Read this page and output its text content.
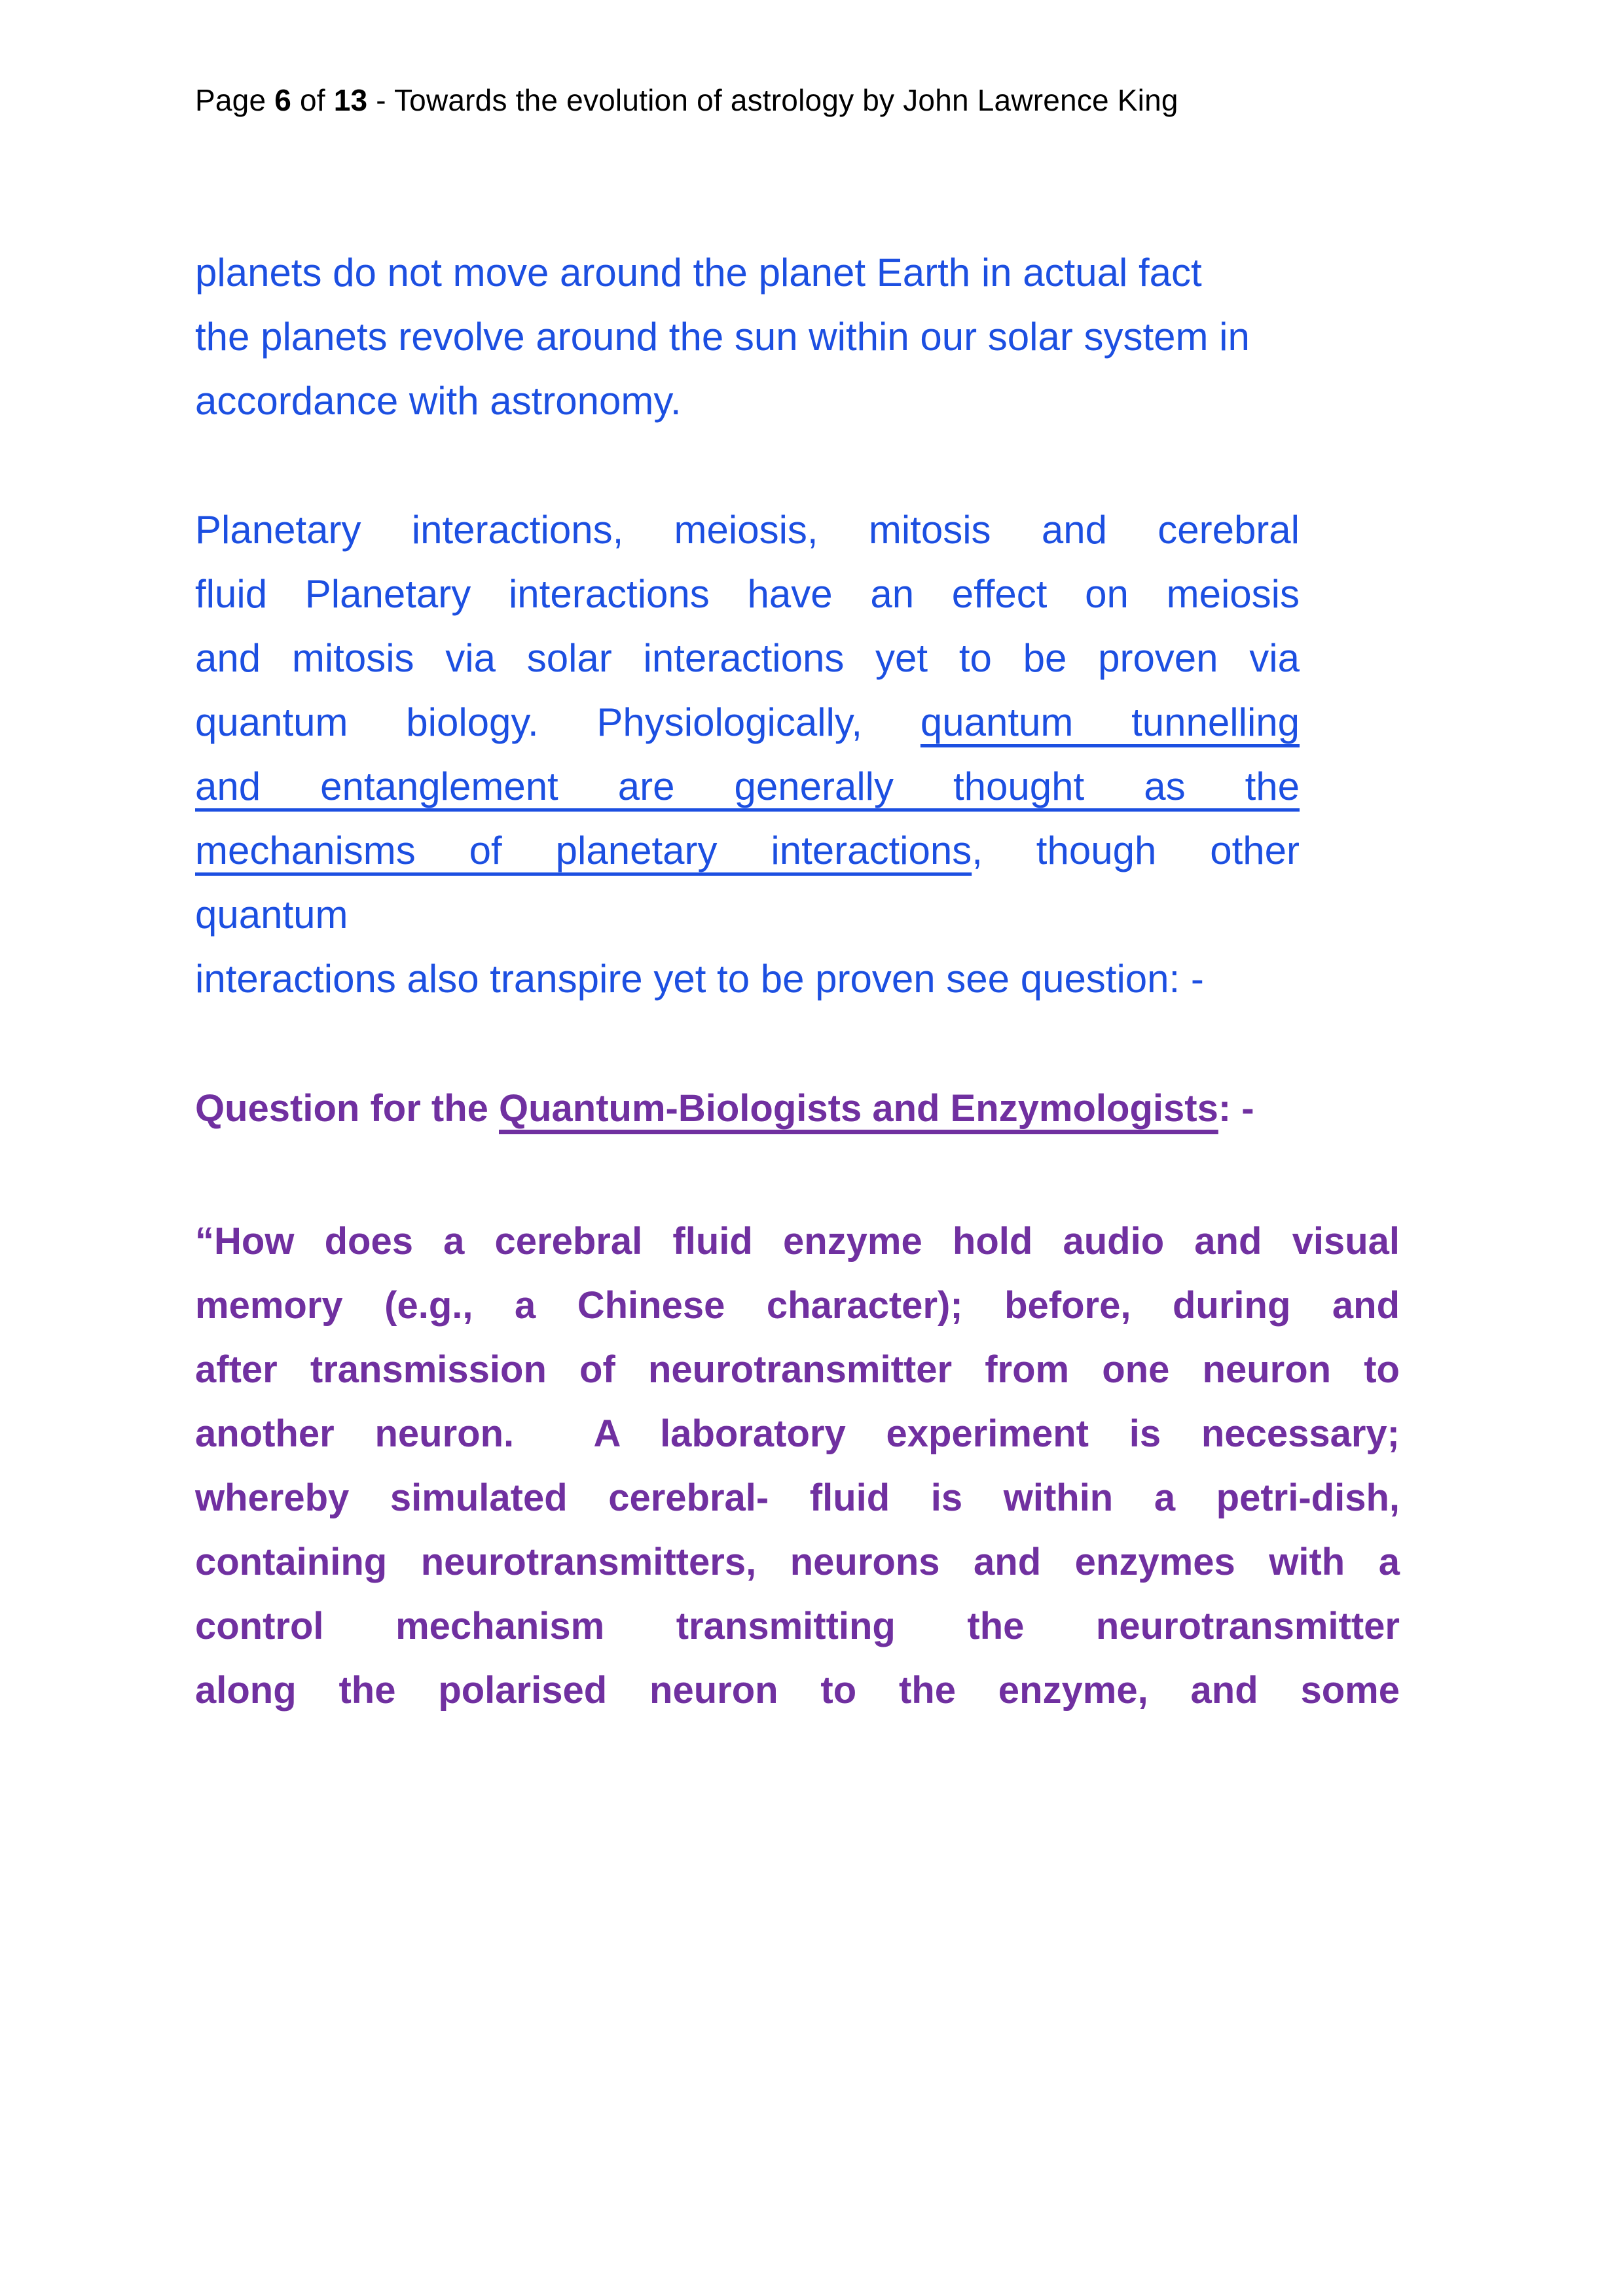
Page 6 of 13 - Towards the evolution of astrology by John Lawrence King
planets do not move around the planet Earth in actual fact
the planets revolve around the sun within our solar system in
accordance with astronomy.
Planetary interactions, meiosis, mitosis and cerebral
fluid Planetary interactions have an effect on meiosis
and mitosis via solar interactions yet to be proven via
quantum biology. Physiologically, quantum tunnelling
and entanglement are generally thought as the
mechanisms of planetary interactions, though other
quantum
interactions also transpire yet to be proven see question: -
Question for the Quantum-Biologists and Enzymologists: -
“How does a cerebral fluid enzyme hold audio and visual
memory (e.g., a Chinese character); before, during and
after transmission of neurotransmitter from one neuron to
another neuron.  A laboratory experiment is necessary;
whereby simulated cerebral- fluid is within a petri-dish,
containing neurotransmitters, neurons and enzymes with a
control mechanism transmitting the neurotransmitter
along the polarised neuron to the enzyme, and some
